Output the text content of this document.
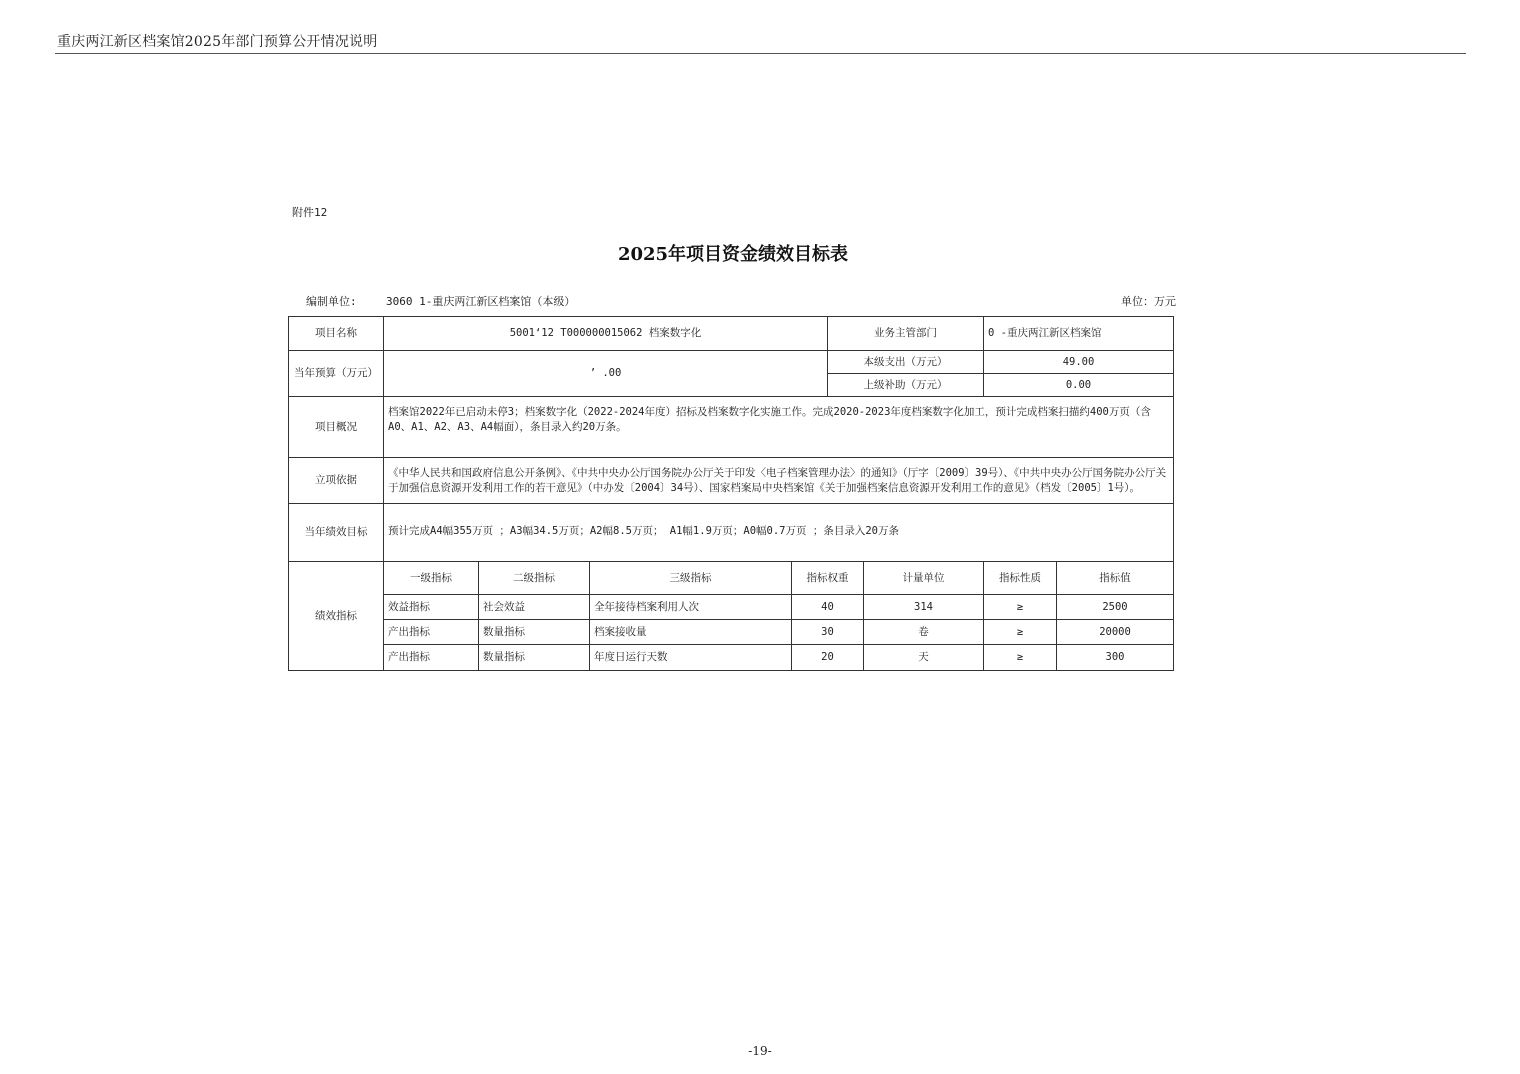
重庆两江新区档案馆2025年部门预算公开情况说明
附件12
2025年项目资金绩效目标表
编制单位:	3060 1-重庆两江新区档案馆（本级）	单位：万元
项目名称	5001‘12 T000000015062 档案数字化				业务主管部门		0 -重庆两江新区档案馆	
当年预算（万元）	’ .00				本级支出（万元）		49.00	
					上级补助（万元）		0.00	
项目概况	档案馆2022年已启动未停3；档案数字化（2022-2024年度）招标及档案数字化实施工作。完成2020-2023年度档案数字化加工，预计完成档案扫描约400万页（含A0、A1、A2、A3、A4幅面），条目录入约20万条。							
立项依据	《中华人民共和国政府信息公开条例》、《中共中央办公厅国务院办公厅关于印发〈电子档案管理办法〉的通知》（厅字〔2009〕39号）、《中共中央办公厅国务院办公厅关于加强信息资源开发利用工作的若干意见》（中办发〔2004〕34号）、国家档案局中央档案馆《关于加强档案信息资源开发利用工作的意见》（档发〔2005〕1号）。							
当年绩效目标	预计完成A4幅355万页 ；A3幅34.5万页；A2幅8.5万页； A1幅1.9万页；A0幅0.7万页 ；条目录入20万条							
绩效指标	一级指标	二级指标	三级指标	指标权重		计量单位	指标性质	指标值
	效益指标	社会效益	全年接待档案利用人次	40		314	≥	2500
	产出指标	数量指标	档案接收量	30		卷	≥	20000
	产出指标	数量指标	年度日运行天数	20		天	≥	300
-19-
